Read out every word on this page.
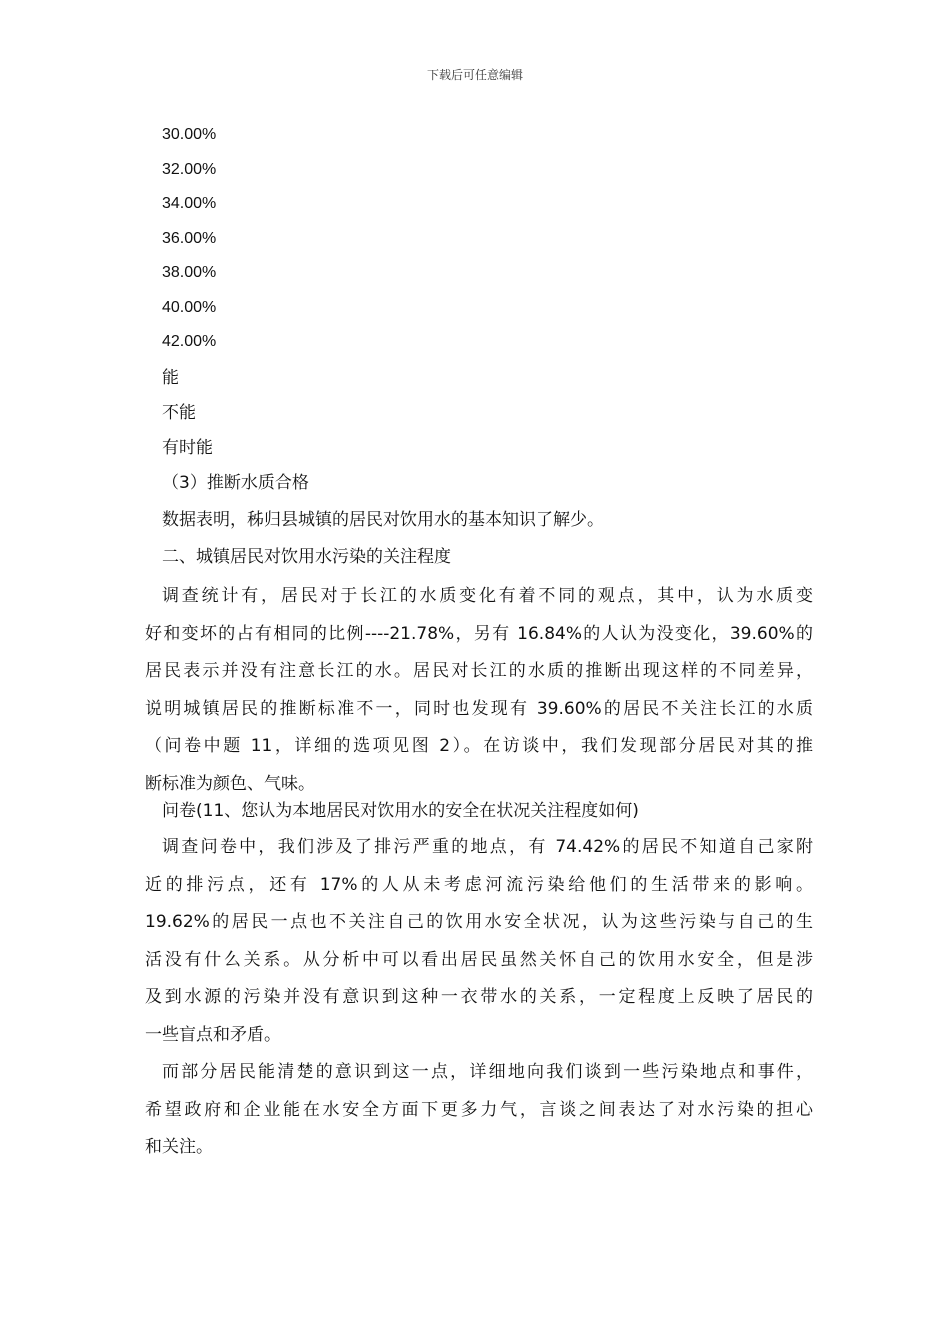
下载后可任意编辑
30.00%
32.00%
34.00%
36.00%
38.00%
40.00%
42.00%
能
不能
有时能
（3）推断水质合格
数据表明，秭归县城镇的居民对饮用水的基本知识了解少。
二、城镇居民对饮用水污染的关注程度
调查统计有，居民对于长江的水质变化有着不同的观点，其中，认为水质变
好和变坏的占有相同的比例----21.78%，另有 16.84%的人认为没变化，39.60%的
居民表示并没有注意长江的水。居民对长江的水质的推断出现这样的不同差异，
说明城镇居民的推断标准不一，同时也发现有 39.60%的居民不关注长江的水质
（问卷中题 11，详细的选项见图 2）。在访谈中，我们发现部分居民对其的推
断标准为颜色、气味。
问卷(11、您认为本地居民对饮用水的安全在状况关注程度如何)
调查问卷中，我们涉及了排污严重的地点，有 74.42%的居民不知道自己家附
近的排污点，还有 17%的人从未考虑河流污染给他们的生活带来的影响。
19.62%的居民一点也不关注自己的饮用水安全状况，认为这些污染与自己的生
活没有什么关系。从分析中可以看出居民虽然关怀自己的饮用水安全，但是涉
及到水源的污染并没有意识到这种一衣带水的关系，一定程度上反映了居民的
一些盲点和矛盾。
而部分居民能清楚的意识到这一点，详细地向我们谈到一些污染地点和事件，
希望政府和企业能在水安全方面下更多力气，言谈之间表达了对水污染的担心
和关注。
